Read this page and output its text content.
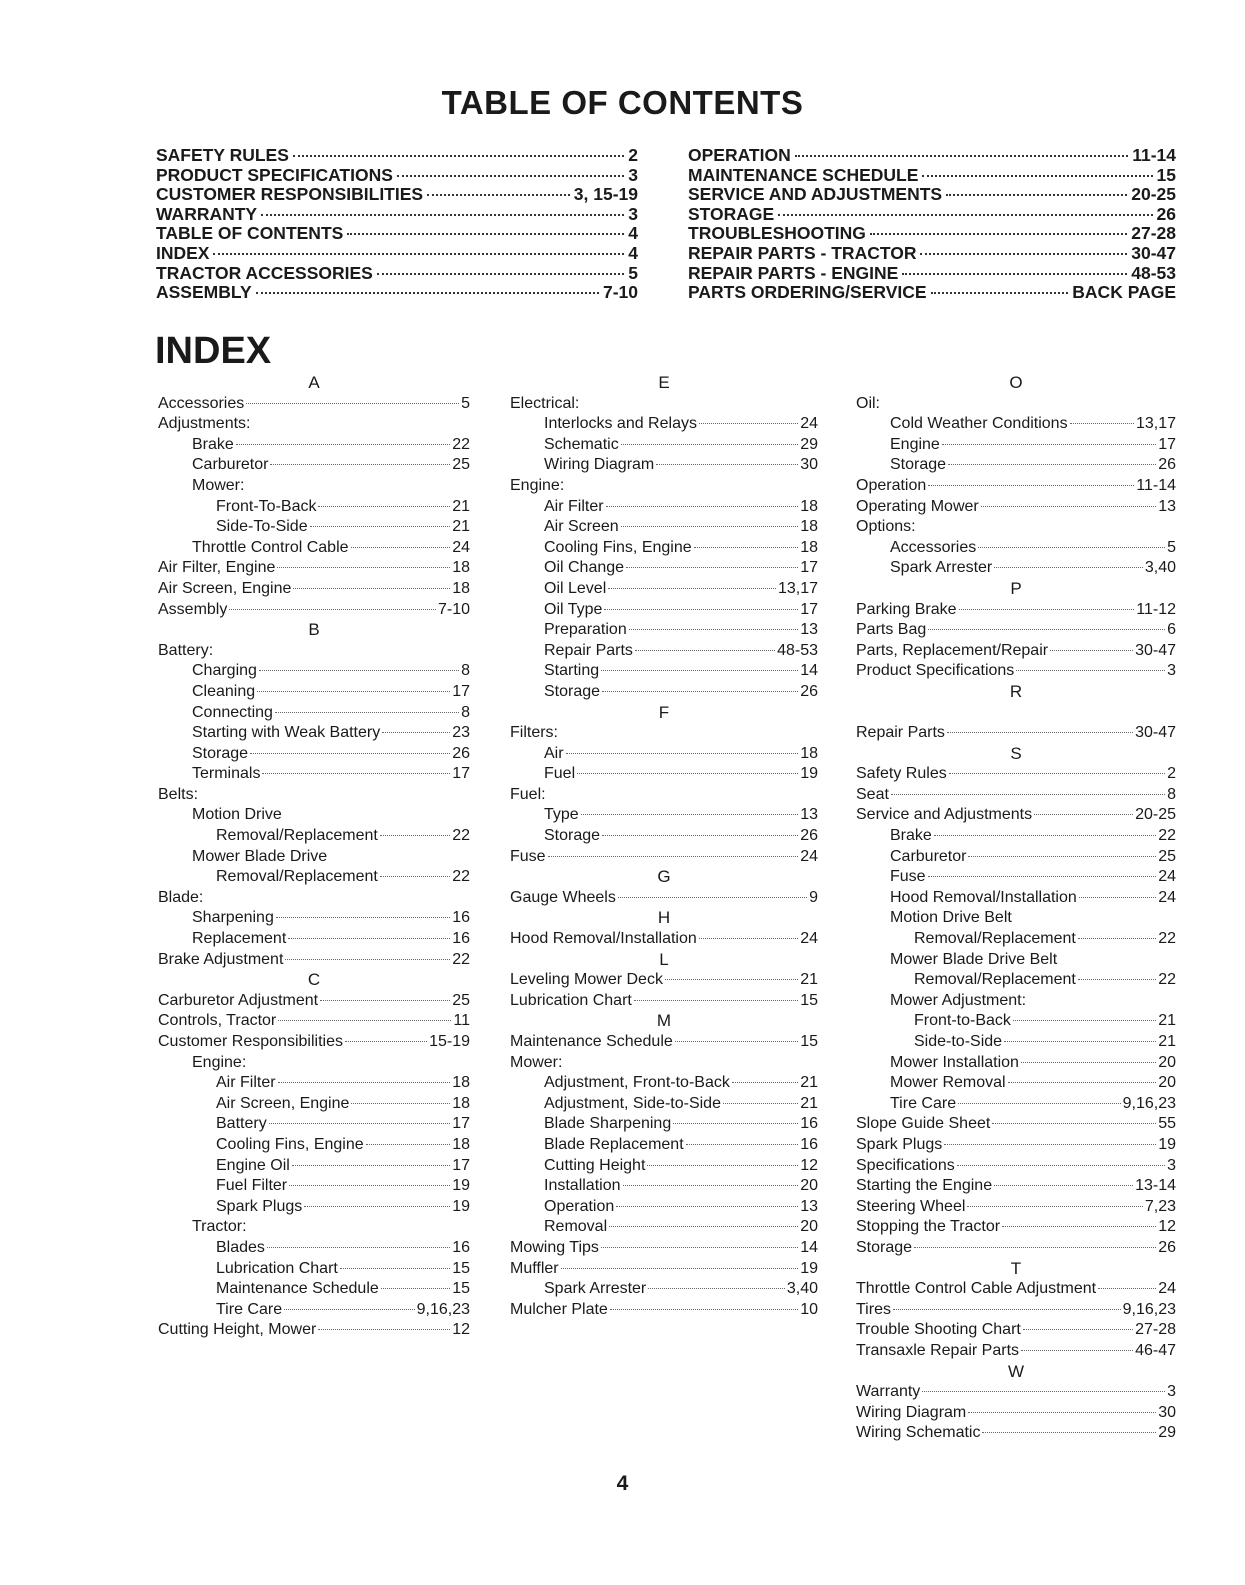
TABLE OF CONTENTS
SAFETY RULES	2
PRODUCT SPECIFICATIONS	3
CUSTOMER RESPONSIBILITIES	3, 15-19
WARRANTY	3
TABLE OF CONTENTS	4
INDEX	4
TRACTOR ACCESSORIES	5
ASSEMBLY	7-10
OPERATION	11-14
MAINTENANCE SCHEDULE	15
SERVICE AND ADJUSTMENTS	20-25
STORAGE	26
TROUBLESHOOTING	27-28
REPAIR PARTS - TRACTOR	30-47
REPAIR PARTS - ENGINE	48-53
PARTS ORDERING/SERVICE	BACK PAGE
INDEX
A
Accessories	5
Adjustments:
Brake	22
Carburetor	25
Mower:
Front-To-Back	21
Side-To-Side	21
Throttle Control Cable	24
Air Filter, Engine	18
Air Screen, Engine	18
Assembly	7-10
B
Battery:
Charging	8
Cleaning	17
Connecting	8
Starting with Weak Battery	23
Storage	26
Terminals	17
Belts:
Motion Drive
Removal/Replacement	22
Mower Blade Drive
Removal/Replacement	22
Blade:
Sharpening	16
Replacement	16
Brake Adjustment	22
C
Carburetor Adjustment	25
Controls, Tractor	11
Customer Responsibilities	15-19
Engine:
Air Filter	18
Air Screen, Engine	18
Battery	17
Cooling Fins, Engine	18
Engine Oil	17
Fuel Filter	19
Spark Plugs	19
Tractor:
Blades	16
Lubrication Chart	15
Maintenance Schedule	15
Tire Care	9,16,23
Cutting Height, Mower	12
E
Electrical:
Interlocks and Relays	24
Schematic	29
Wiring Diagram	30
Engine:
Air Filter	18
Air Screen	18
Cooling Fins, Engine	18
Oil Change	17
Oil Level	13,17
Oil Type	17
Preparation	13
Repair Parts	48-53
Starting	14
Storage	26
F
Filters:
Air	18
Fuel	19
Fuel:
Type	13
Storage	26
Fuse	24
G
Gauge Wheels	9
H
Hood Removal/Installation	24
L
Leveling Mower Deck	21
Lubrication Chart	15
M
Maintenance Schedule	15
Mower:
Adjustment, Front-to-Back	21
Adjustment, Side-to-Side	21
Blade Sharpening	16
Blade Replacement	16
Cutting Height	12
Installation	20
Operation	13
Removal	20
Mowing Tips	14
Muffler	19
Spark Arrester	3,40
Mulcher Plate	10
O
Oil:
Cold Weather Conditions	13,17
Engine	17
Storage	26
Operation	11-14
Operating Mower	13
Options:
Accessories	5
Spark Arrester	3,40
P
Parking Brake	11-12
Parts Bag	6
Parts, Replacement/Repair	30-47
Product Specifications	3
R
Repair Parts	30-47
S
Safety Rules	2
Seat	8
Service and Adjustments	20-25
Brake	22
Carburetor	25
Fuse	24
Hood Removal/Installation	24
Motion Drive Belt
Removal/Replacement	22
Mower Blade Drive Belt
Removal/Replacement	22
Mower Adjustment:
Front-to-Back	21
Side-to-Side	21
Mower Installation	20
Mower Removal	20
Tire Care	9,16,23
Slope Guide Sheet	55
Spark Plugs	19
Specifications	3
Starting the Engine	13-14
Steering Wheel	7,23
Stopping the Tractor	12
Storage	26
T
Throttle Control Cable Adjustment	24
Tires	9,16,23
Trouble Shooting Chart	27-28
Transaxle Repair Parts	46-47
W
Warranty	3
Wiring Diagram	30
Wiring Schematic	29
4
